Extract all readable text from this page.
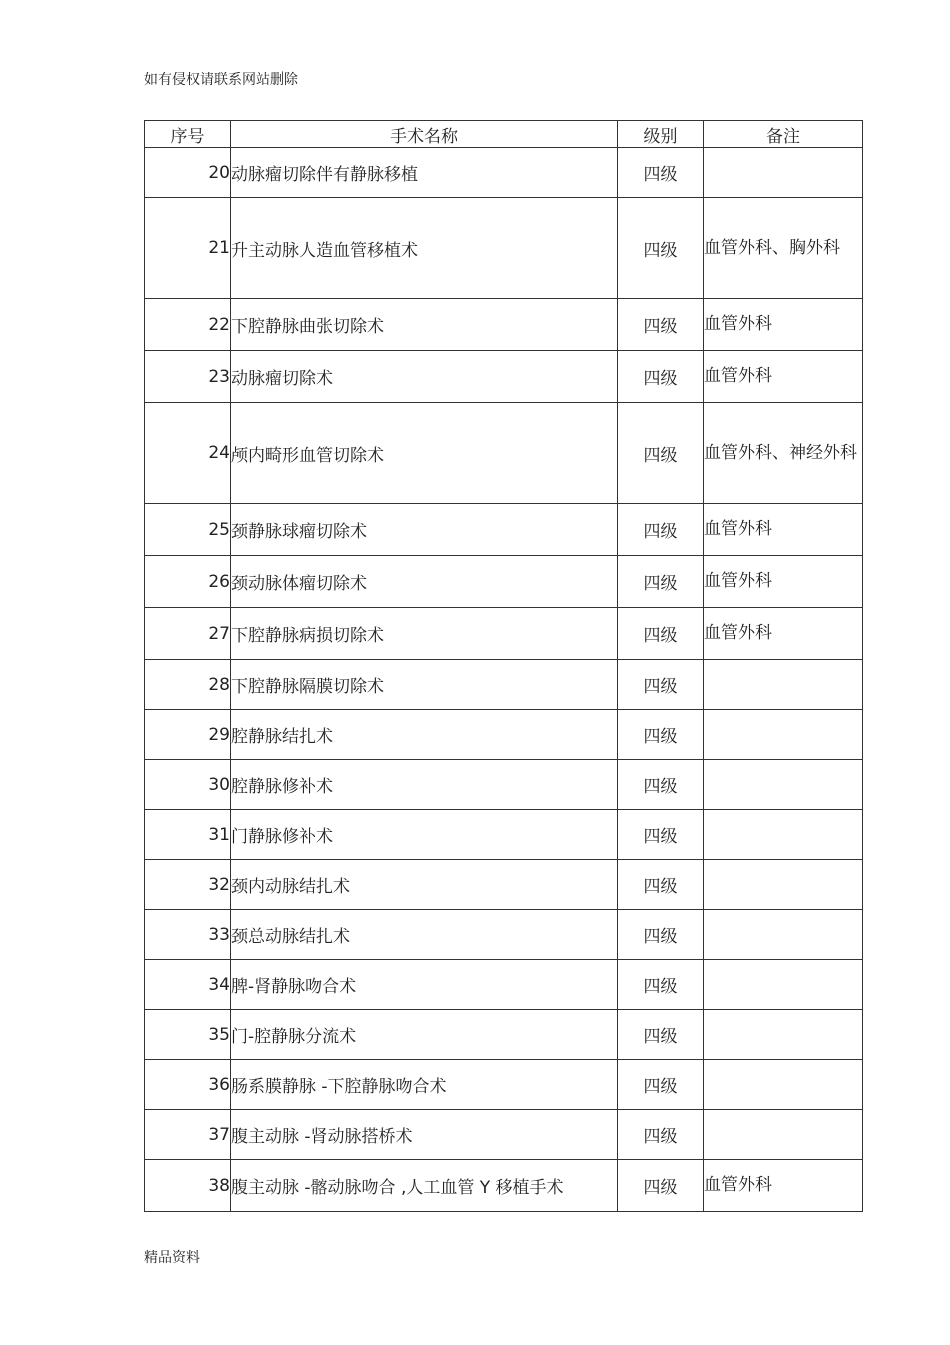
如有侵权请联系网站删除
序号	手术名称	级别	备注
20	动脉瘤切除伴有静脉移植	四级	
21	升主动脉人造血管移植术	四级	血管外科、胸外科
22	下腔静脉曲张切除术	四级	血管外科
23	动脉瘤切除术	四级	血管外科
24	颅内畸形血管切除术	四级	血管外科、神经外科
25	颈静脉球瘤切除术	四级	血管外科
26	颈动脉体瘤切除术	四级	血管外科
27	下腔静脉病损切除术	四级	血管外科
28	下腔静脉隔膜切除术	四级	
29	腔静脉结扎术	四级	
30	腔静脉修补术	四级	
31	门静脉修补术	四级	
32	颈内动脉结扎术	四级	
33	颈总动脉结扎术	四级	
34	脾-肾静脉吻合术	四级	
35	门-腔静脉分流术	四级	
36	肠系膜静脉 -下腔静脉吻合术	四级	
37	腹主动脉 -肾动脉搭桥术	四级	
38	腹主动脉 -髂动脉吻合 ,人工血管 Y 移植手术	四级	血管外科
精品资料
